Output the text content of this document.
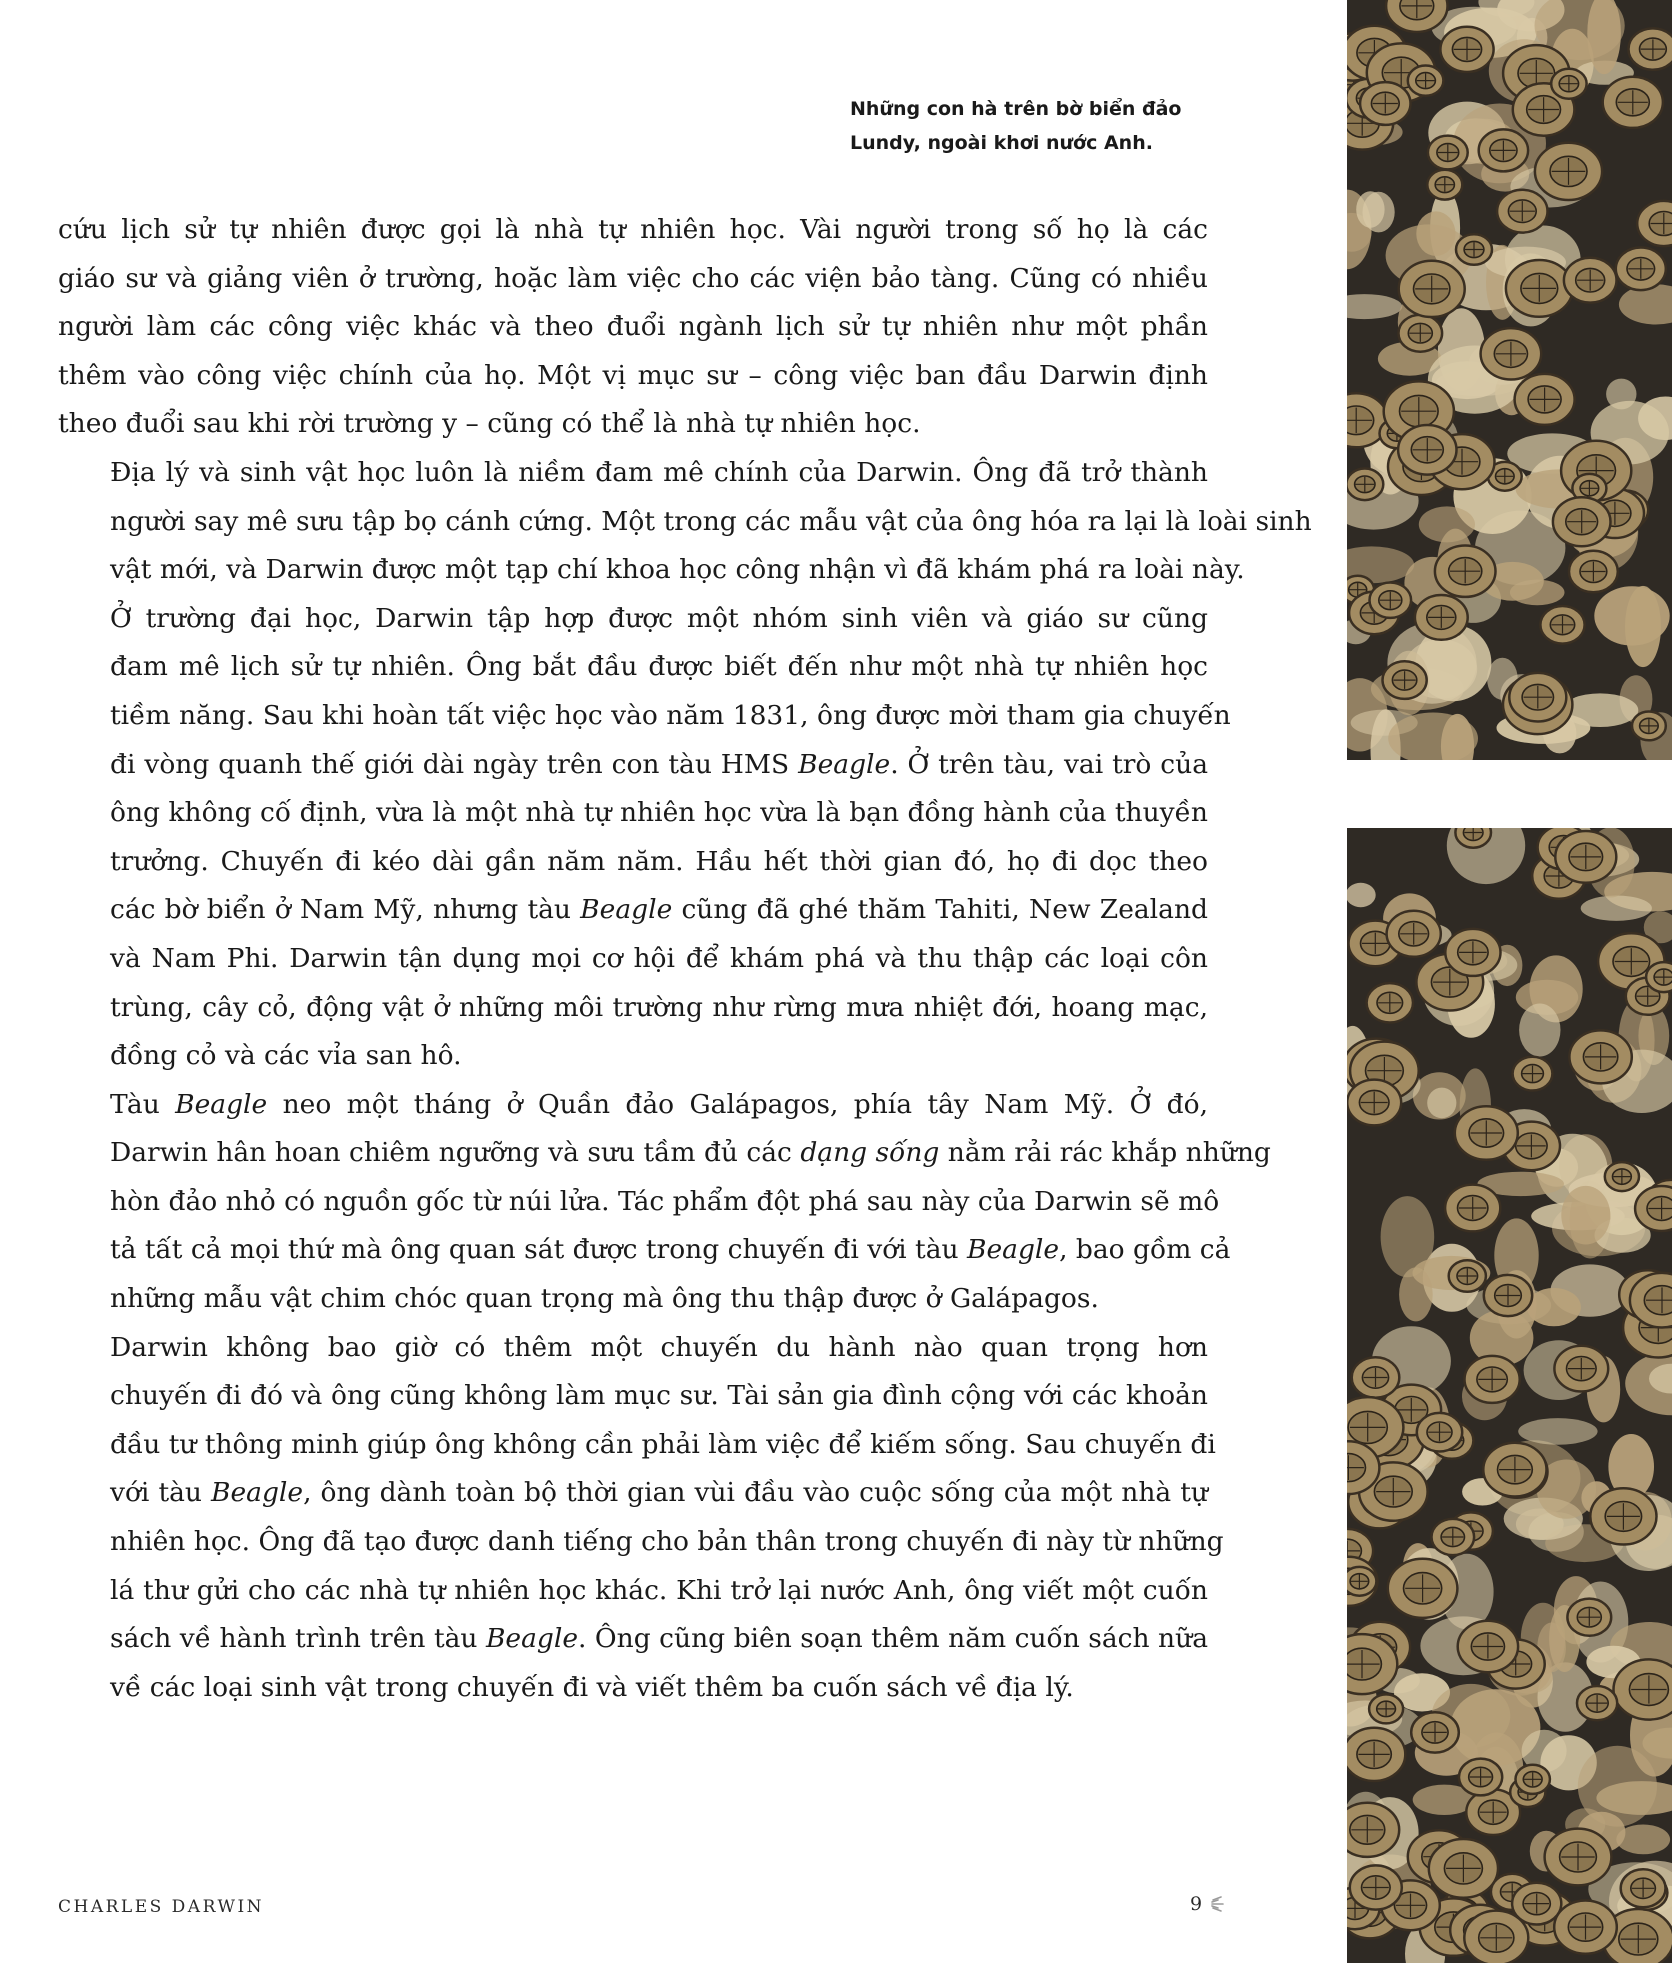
Những con hà trên bờ biển đảo
Lundy, ngoài khơi nước Anh.
cứu lịch sử tự nhiên được gọi là nhà tự nhiên học. Vài người trong số họ là các
giáo sư và giảng viên ở trường, hoặc làm việc cho các viện bảo tàng. Cũng có nhiều
người làm các công việc khác và theo đuổi ngành lịch sử tự nhiên như một phần
thêm vào công việc chính của họ. Một vị mục sư – công việc ban đầu Darwin định
theo đuổi sau khi rời trường y – cũng có thể là nhà tự nhiên học.
Địa lý và sinh vật học luôn là niềm đam mê chính của Darwin. Ông đã trở thành
người say mê sưu tập bọ cánh cứng. Một trong các mẫu vật của ông hóa ra lại là loài sinh
vật mới, và Darwin được một tạp chí khoa học công nhận vì đã khám phá ra loài này.
Ở trường đại học, Darwin tập hợp được một nhóm sinh viên và giáo sư cũng
đam mê lịch sử tự nhiên. Ông bắt đầu được biết đến như một nhà tự nhiên học
tiềm năng. Sau khi hoàn tất việc học vào năm 1831, ông được mời tham gia chuyến
đi vòng quanh thế giới dài ngày trên con tàu HMS Beagle. Ở trên tàu, vai trò của
ông không cố định, vừa là một nhà tự nhiên học vừa là bạn đồng hành của thuyền
trưởng. Chuyến đi kéo dài gần năm năm. Hầu hết thời gian đó, họ đi dọc theo
các bờ biển ở Nam Mỹ, nhưng tàu Beagle cũng đã ghé thăm Tahiti, New Zealand
và Nam Phi. Darwin tận dụng mọi cơ hội để khám phá và thu thập các loại côn
trùng, cây cỏ, động vật ở những môi trường như rừng mưa nhiệt đới, hoang mạc,
đồng cỏ và các vỉa san hô.
Tàu Beagle neo một tháng ở Quần đảo Galápagos, phía tây Nam Mỹ. Ở đó,
Darwin hân hoan chiêm ngưỡng và sưu tầm đủ các dạng sống nằm rải rác khắp những
hòn đảo nhỏ có nguồn gốc từ núi lửa. Tác phẩm đột phá sau này của Darwin sẽ mô
tả tất cả mọi thứ mà ông quan sát được trong chuyến đi với tàu Beagle, bao gồm cả
những mẫu vật chim chóc quan trọng mà ông thu thập được ở Galápagos.
Darwin không bao giờ có thêm một chuyến du hành nào quan trọng hơn
chuyến đi đó và ông cũng không làm mục sư. Tài sản gia đình cộng với các khoản
đầu tư thông minh giúp ông không cần phải làm việc để kiếm sống. Sau chuyến đi
với tàu Beagle, ông dành toàn bộ thời gian vùi đầu vào cuộc sống của một nhà tự
nhiên học. Ông đã tạo được danh tiếng cho bản thân trong chuyến đi này từ những
lá thư gửi cho các nhà tự nhiên học khác. Khi trở lại nước Anh, ông viết một cuốn
sách về hành trình trên tàu Beagle. Ông cũng biên soạn thêm năm cuốn sách nữa
về các loại sinh vật trong chuyến đi và viết thêm ba cuốn sách về địa lý.
CHARLES DARWIN	9
